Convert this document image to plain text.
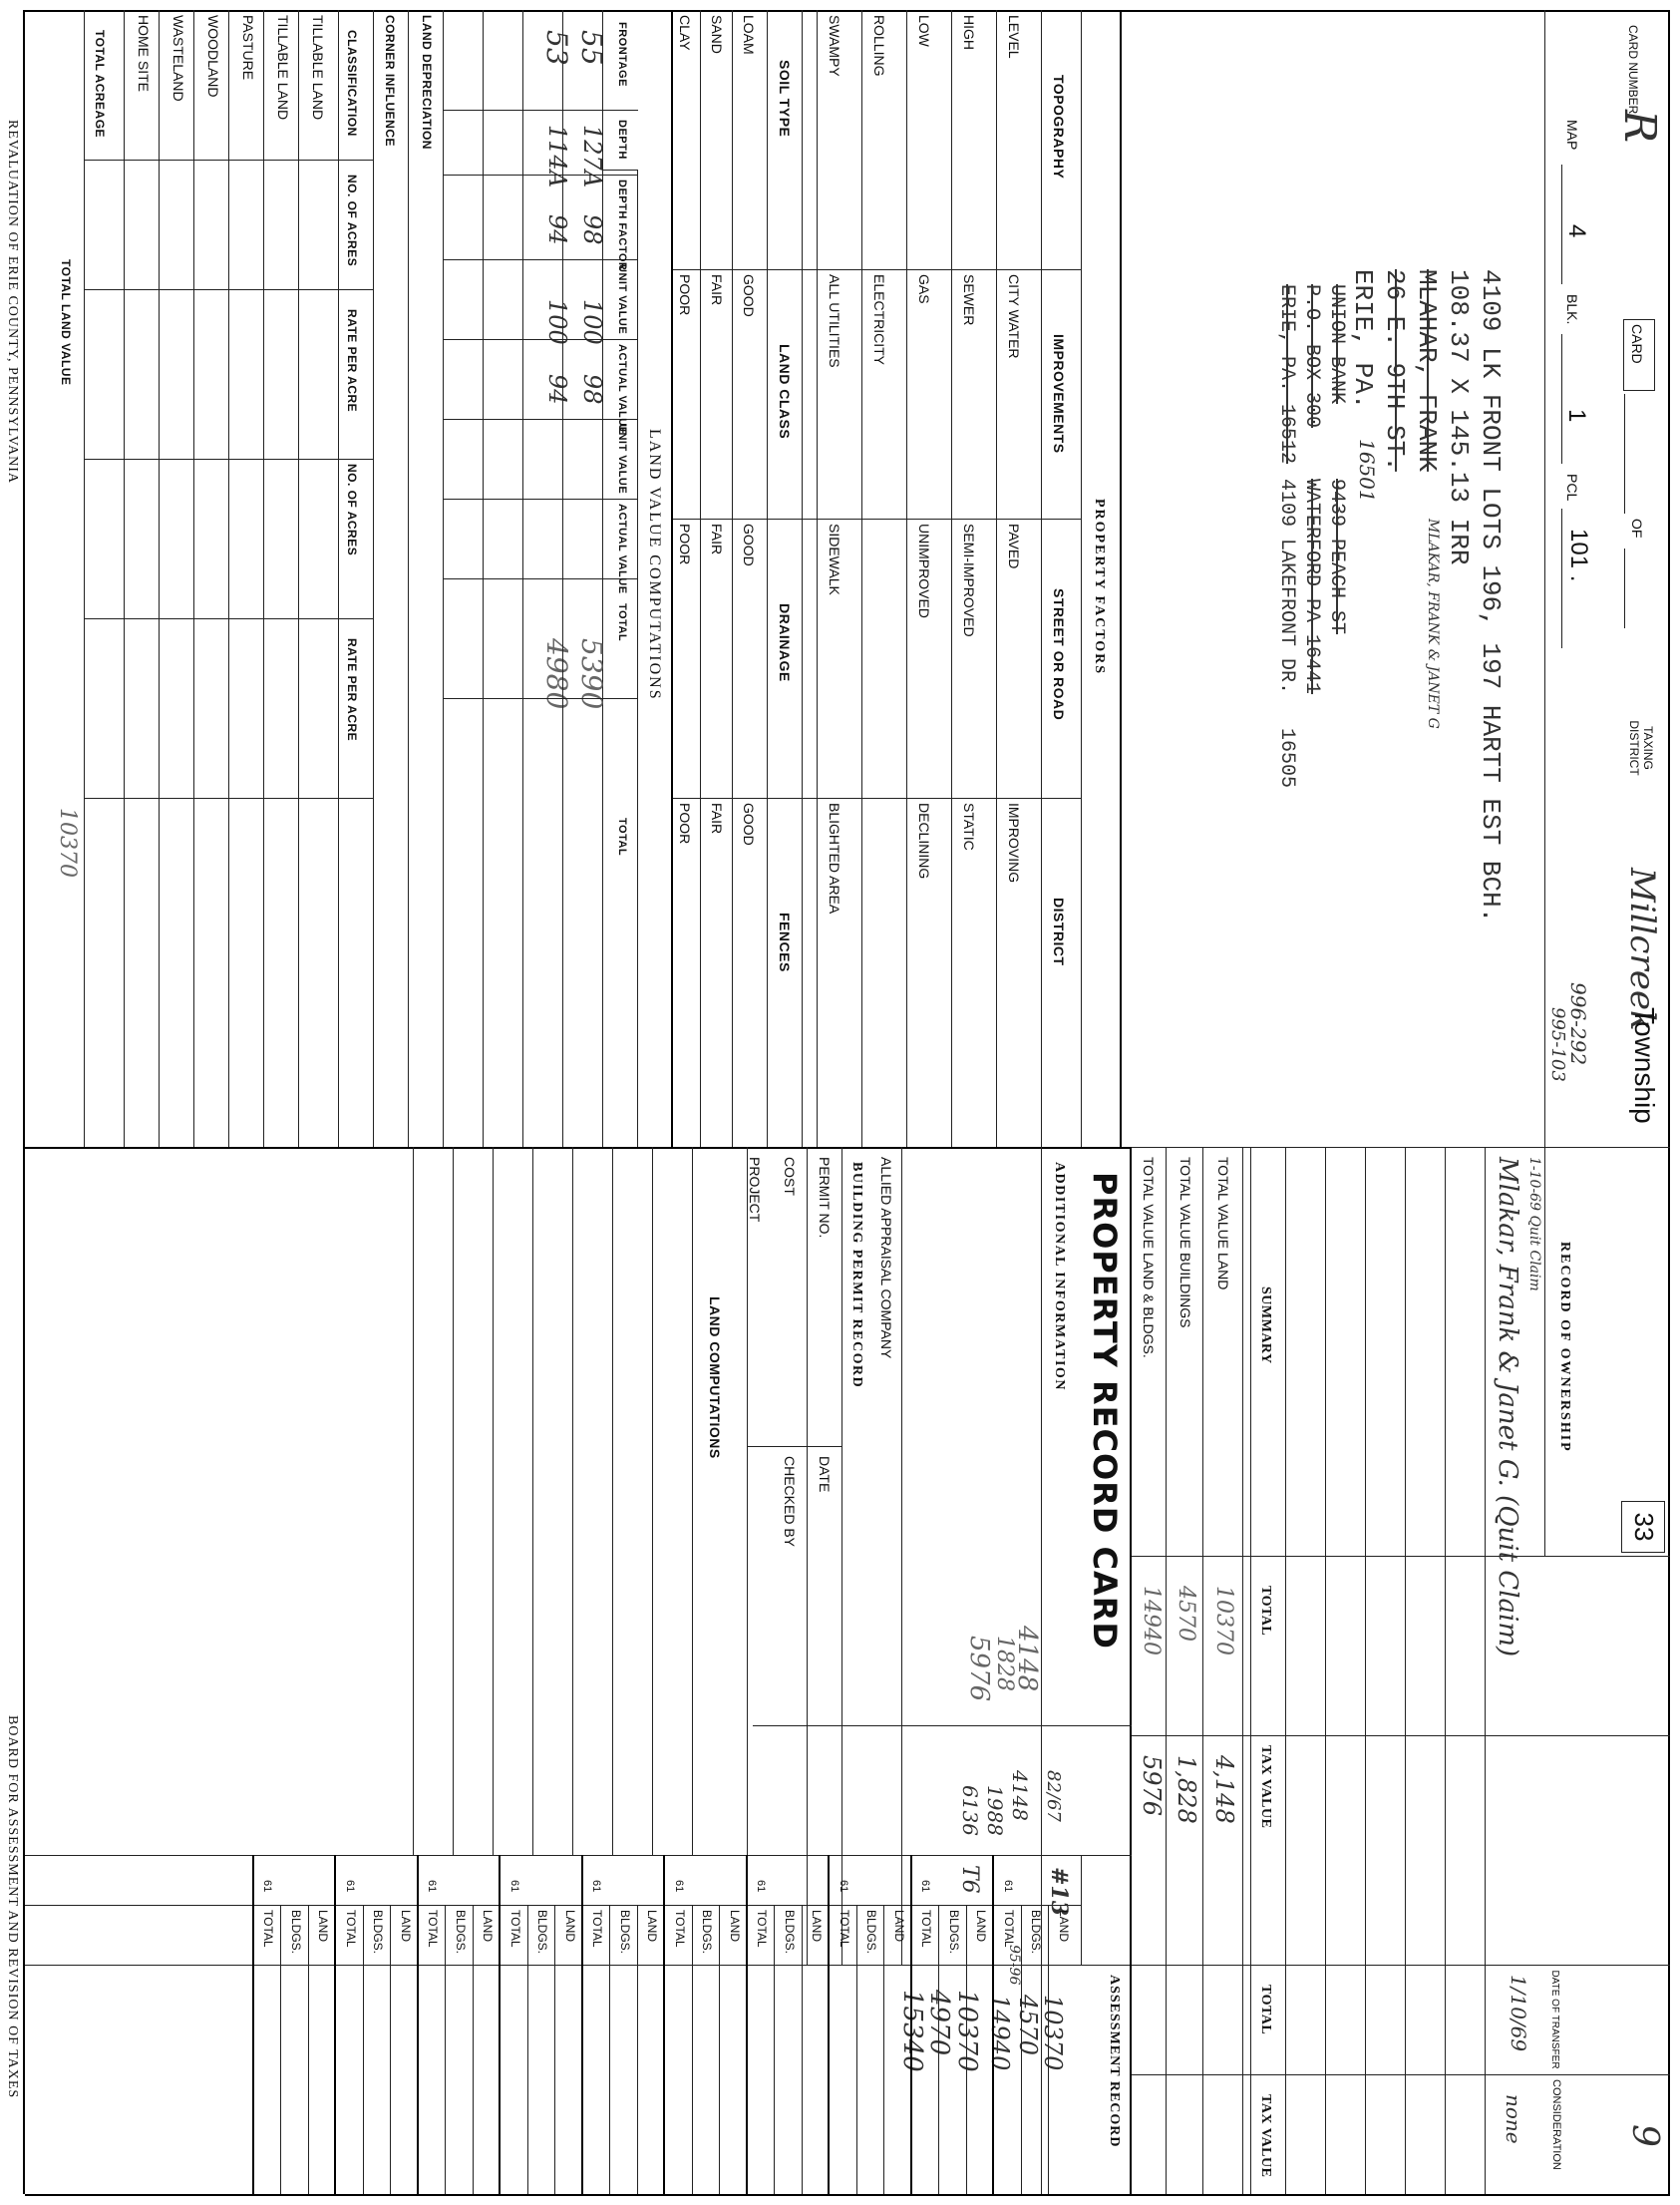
CARD NUMBER
R
CARD
OF
TAXING DISTRICT
Millcreek
Township
33
9
MAP
4
BLK.
1
PCL
101 .
4109 LK FRONT LOTS 196, 197 HARTT EST BCH.
108.37 X 145.13 IRR
MLAHAR, FRANK
MLAKAR, FRANK & JANET G
26 E. 9TH ST.
ERIE, PA.
16501
UNION BANK
P.O. BOX 300
ERIE, PA. 16512
9439 PEACH ST
WATERFORD PA 16441
4109 LAKEFRONT DR.
16505
996-292
995-103
RECORD OF OWNERSHIP
DATE OF TRANSFER
CONSIDERATION
1-10-69 Quit Claim
Mlakar, Frank & Janet G. (Quit Claim)
1/10/69
none
SUMMARY
TOTAL
TAX VALUE
TOTAL
TAX VALUE
TOTAL VALUE LAND
10370
4,148
TOTAL VALUE BUILDINGS
4570
1,828
TOTAL VALUE LAND & BLDGS.
14940
5976
PROPERTY RECORD CARD
ADDITIONAL INFORMATION
4148
1828
5976
4148
1988
6136	82/67
95-96
ALLIED APPRAISAL COMPANY
BUILDING PERMIT RECORD
PERMIT NO.
DATE
COST
CHECKED BY
PROJECT
LAND COMPUTATIONS
ASSESSMENT RECORD
10370
4570
14940
10370
4970
15340
#13
T6
PROPERTY FACTORS
TOPOGRAPHY
IMPROVEMENTS
STREET OR ROAD
DISTRICT
SOIL TYPE
LAND CLASS
DRAINAGE
FENCES
LAND VALUE COMPUTATIONS
55
127A
98
100
98
5390
53
114A
94
100
94
4980
LAND DEPRECIATION
CORNER INFLUENCE
CLASSIFICATION
NO. OF ACRES
RATE PER ACRE
NO. OF ACRES
RATE PER ACRE
TOTAL ACREAGE
TOTAL LAND VALUE
10370
REVALUATION OF ERIE COUNTY, PENNSYLVANIA
BOARD FOR ASSESSMENT AND REVISION OF TAXES
LEVEL
CITY WATER
PAVED
IMPROVING
HIGH
SEWER
SEMI-IMPROVED
STATIC
LOW
GAS
UNIMPROVED
DECLINING
ROLLING
ELECTRICITY
SWAMPY
ALL UTILITIES
SIDEWALK
BLIGHTED AREA
LOAM
GOOD
GOOD
GOOD
SAND
FAIR
FAIR
FAIR
CLAY
POOR
POOR
POOR
FRONTAGE
DEPTH
DEPTH FACTOR
UNIT VALUE
ACTUAL VALUE
UNIT VALUE
ACTUAL VALUE
TOTAL
TOTAL
TILLABLE LAND
TILLABLE LAND
PASTURE
WOODLAND
WASTELAND
HOME SITE
LAND
BLDGS.
TOTAL
61
LAND
BLDGS.
TOTAL
61
LAND
BLDGS.
TOTAL
61
LAND
BLDGS.
TOTAL
61
LAND
BLDGS.
TOTAL
61
LAND
BLDGS.
TOTAL
61
LAND
BLDGS.
TOTAL
61
LAND
BLDGS.
TOTAL
61
LAND
BLDGS.
TOTAL
61
LAND
BLDGS.
TOTAL
61
